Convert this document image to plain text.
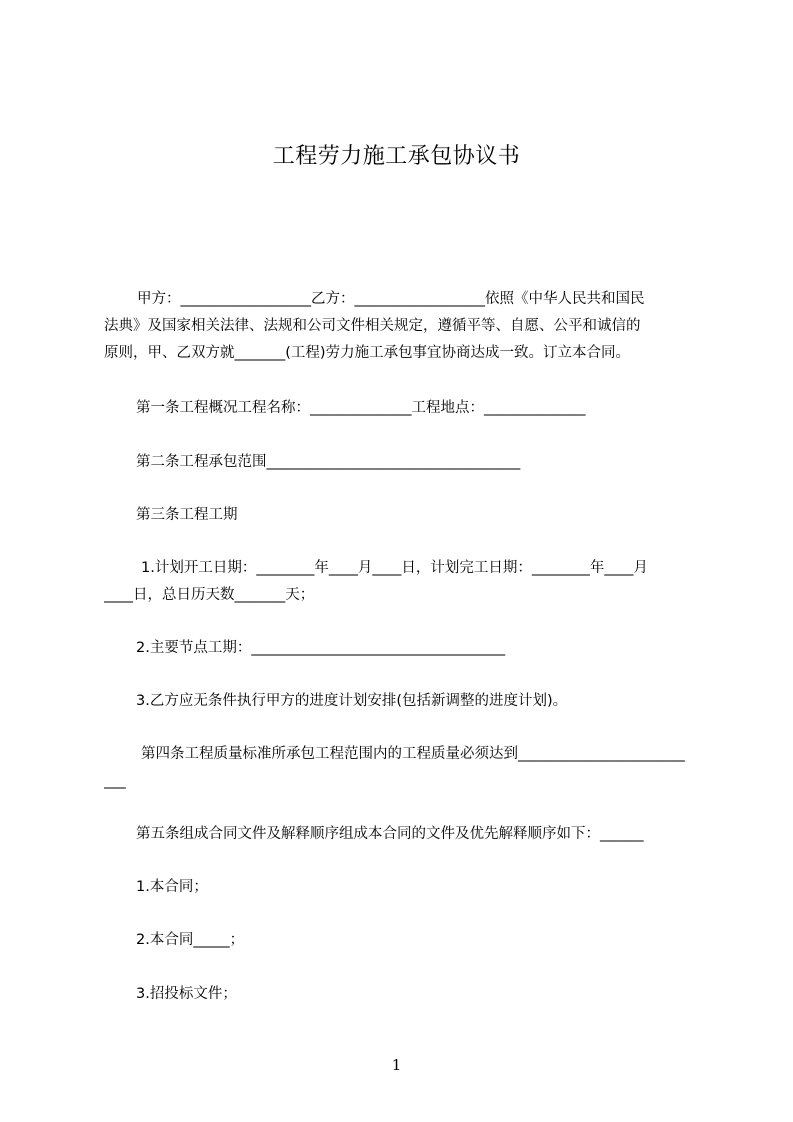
工程劳力施工承包协议书
甲方：__________________乙方：__________________依照《中华人民共和国民
法典》及国家相关法律、法规和公司文件相关规定，遵循平等、自愿、公平和诚信的
原则，甲、乙双方就_______(工程)劳力施工承包事宜协商达成一致。订立本合同。
第一条工程概况工程名称：______________工程地点：______________
第二条工程承包范围___________________________________
第三条工程工期
1.计划开工日期：________年____月____日，计划完工日期：________年____月
____日，总日历天数_______天；
2.主要节点工期：___________________________________
3.乙方应无条件执行甲方的进度计划安排(包括新调整的进度计划)。
第四条工程质量标准所承包工程范围内的工程质量必须达到_______________________
___
第五条组成合同文件及解释顺序组成本合同的文件及优先解释顺序如下：______
1.本合同；
2.本合同_____；
3.招投标文件；
1
